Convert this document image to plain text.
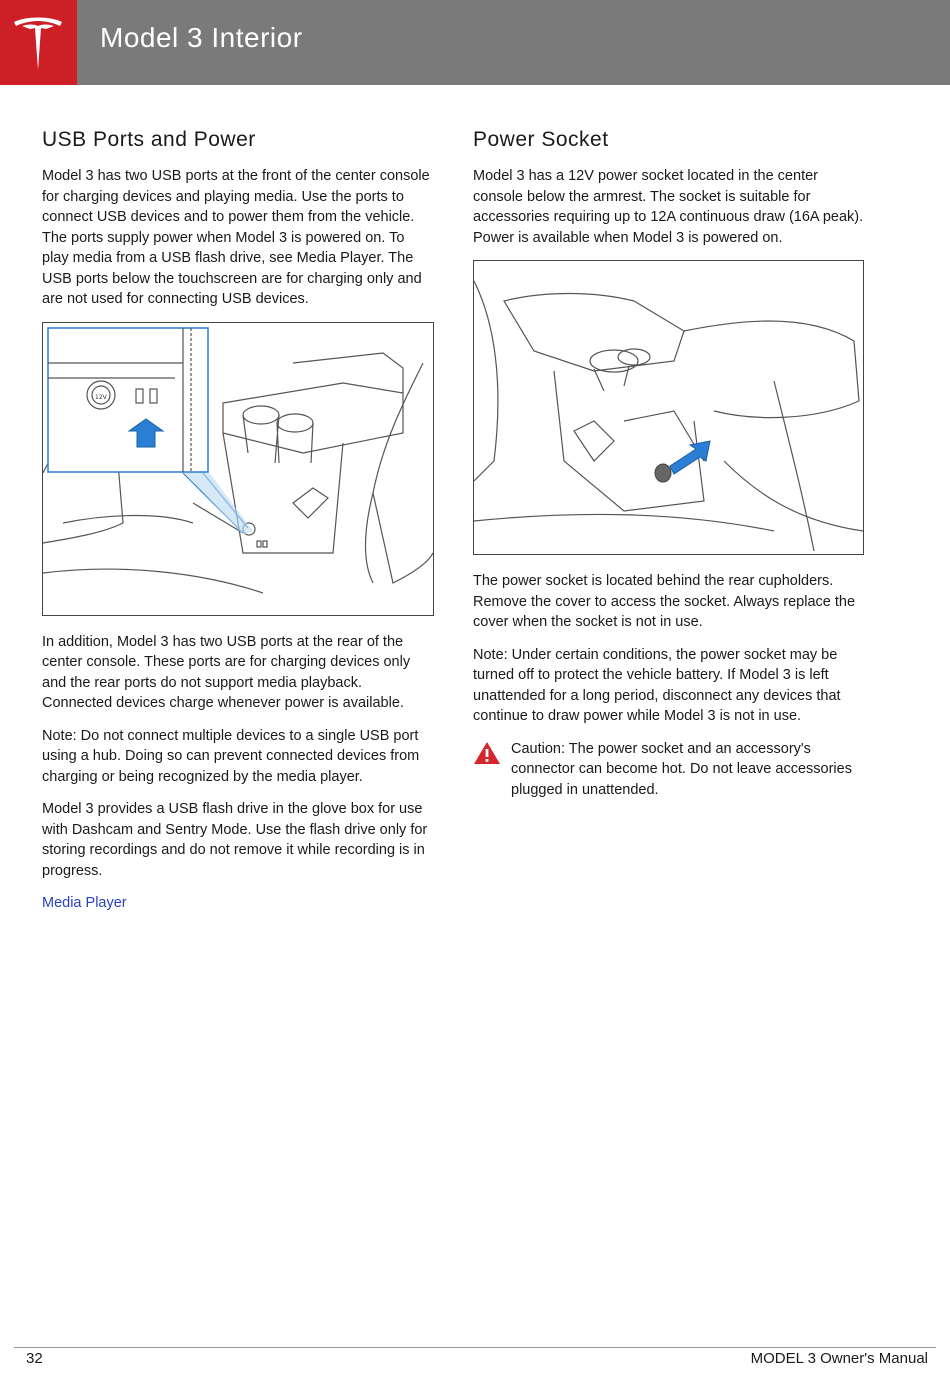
Model 3 Interior
USB Ports and Power

Model 3 has two USB ports at the front of the center console for charging devices and playing media. Use the ports to connect USB devices and to power them from the vehicle. The ports supply power when Model 3 is powered on. To play media from a USB flash drive, see Media Player. The USB ports below the touchscreen are for charging only and are not used for connecting USB devices.

12V

In addition, Model 3 has two USB ports at the rear of the center console. These ports are for charging devices only and the rear ports do not support media playback. Connected devices charge whenever power is available.

Note: Do not connect multiple devices to a single USB port using a hub. Doing so can prevent connected devices from charging or being recognized by the media player.

Model 3 provides a USB flash drive in the glove box for use with Dashcam and Sentry Mode. Use the flash drive only for storing recordings and do not remove it while recording is in progress.

Media Player

Power Socket

Model 3 has a 12V power socket located in the center console below the armrest. The socket is suitable for accessories requiring up to 12A continuous draw (16A peak). Power is available when Model 3 is powered on.

The power socket is located behind the rear cupholders. Remove the cover to access the socket. Always replace the cover when the socket is not in use.

Note: Under certain conditions, the power socket may be turned off to protect the vehicle battery. If Model 3 is left unattended for a long period, disconnect any devices that continue to draw power while Model 3 is not in use.

Caution: The power socket and an accessory's connector can become hot. Do not leave accessories plugged in unattended.

32	MODEL 3 Owner's Manual
